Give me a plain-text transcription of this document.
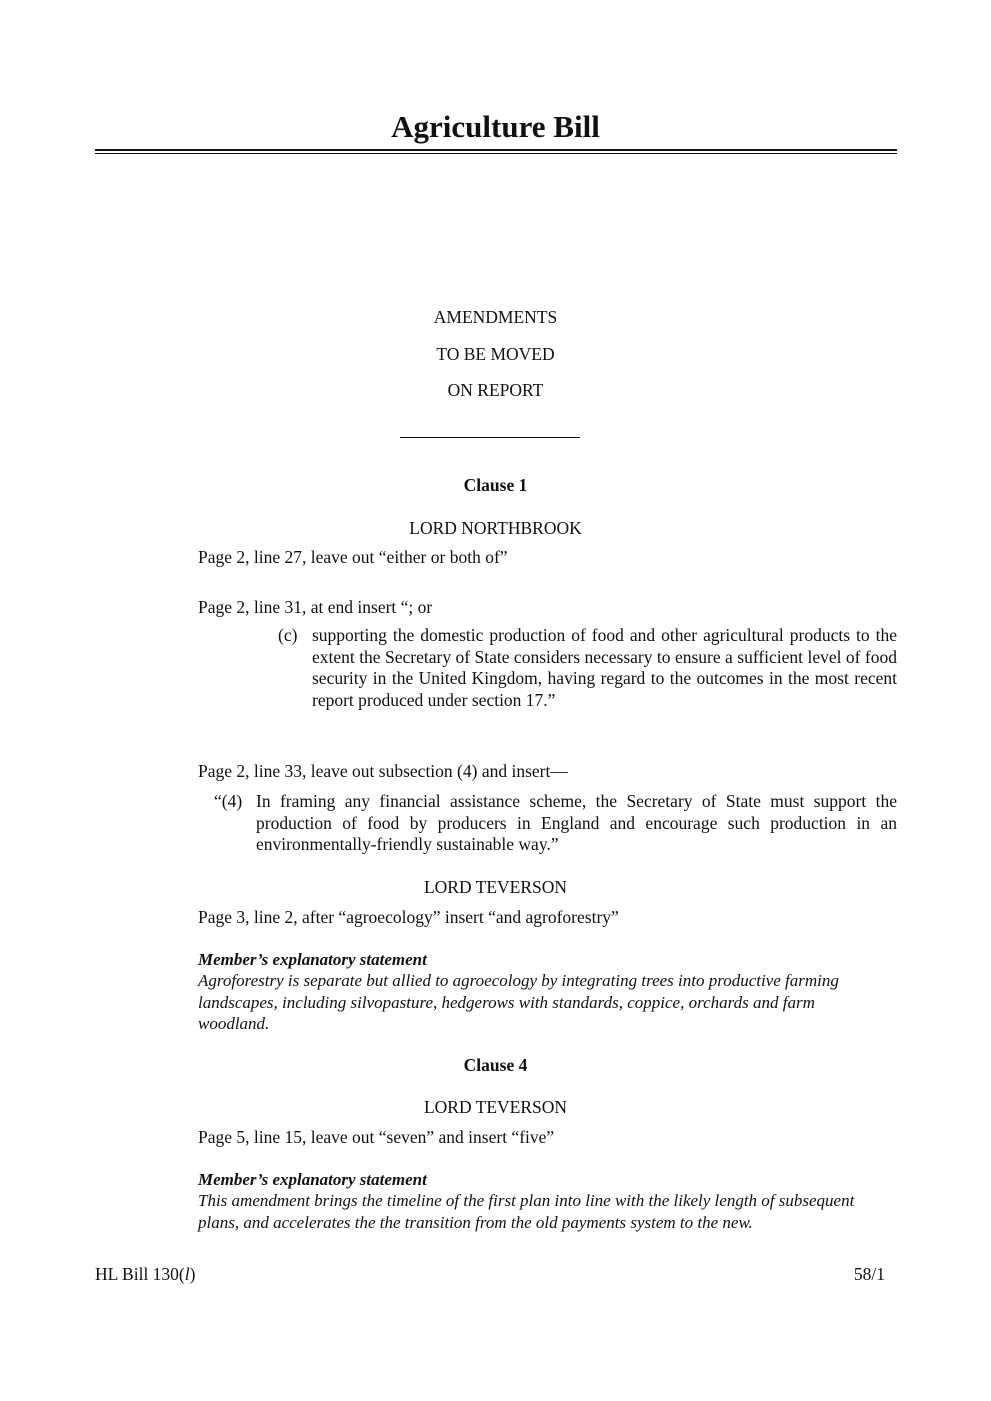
Agriculture Bill
AMENDMENTS
TO BE MOVED
ON REPORT
Clause 1
LORD NORTHBROOK
Page 2, line 27, leave out “either or both of”
Page 2, line 31, at end insert “; or
(c) supporting the domestic production of food and other agricultural products to the extent the Secretary of State considers necessary to ensure a sufficient level of food security in the United Kingdom, having regard to the outcomes in the most recent report produced under section 17.”
Page 2, line 33, leave out subsection (4) and insert—
“(4) In framing any financial assistance scheme, the Secretary of State must support the production of food by producers in England and encourage such production in an environmentally-friendly sustainable way.”
LORD TEVERSON
Page 3, line 2, after “agroecology” insert “and agroforestry”
Member’s explanatory statement
Agroforestry is separate but allied to agroecology by integrating trees into productive farming landscapes, including silvopasture, hedgerows with standards, coppice, orchards and farm woodland.
Clause 4
LORD TEVERSON
Page 5, line 15, leave out “seven” and insert “five”
Member’s explanatory statement
This amendment brings the timeline of the first plan into line with the likely length of subsequent plans, and accelerates the the transition from the old payments system to the new.
HL Bill 130(l)	58/1
